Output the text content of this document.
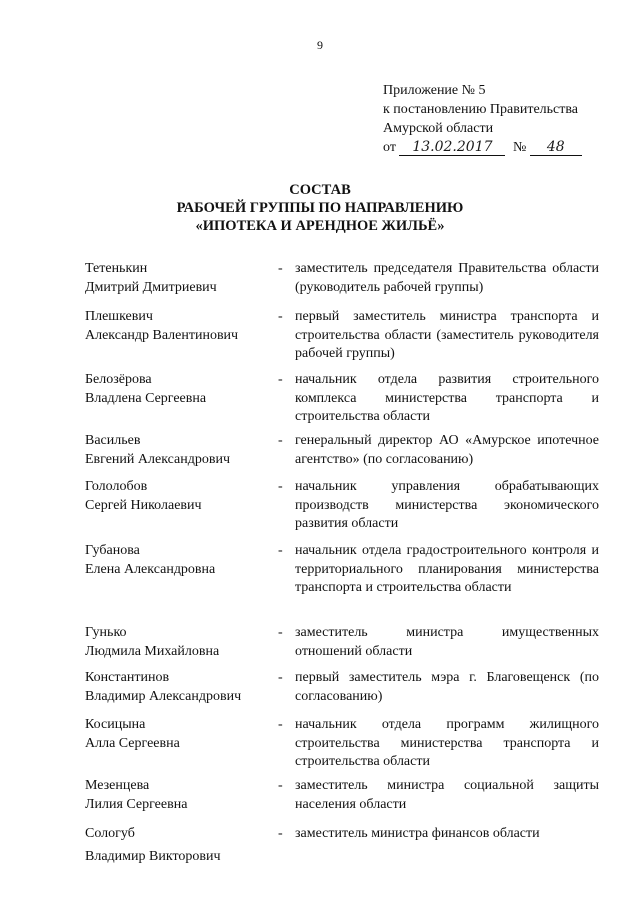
9
Приложение № 5
к постановлению Правительства
Амурской области
от 13.02.2017 № 48
СОСТАВ
РАБОЧЕЙ ГРУППЫ ПО НАПРАВЛЕНИЮ
«ИПОТЕКА И АРЕНДНОЕ ЖИЛЬЁ»
Тетенькин
Дмитрий Дмитриевич
- заместитель председателя Правительства области (руководитель рабочей группы)
Плешкевич
Александр Валентинович
- первый заместитель министра транспорта и строительства области (заместитель руководителя рабочей группы)
Белозёрова
Владлена Сергеевна
- начальник отдела развития строительного комплекса министерства транспорта и строительства области
Васильев
Евгений Александрович
- генеральный директор АО «Амурское ипотечное агентство» (по согласованию)
Гололобов
Сергей Николаевич
- начальник управления обрабатывающих производств министерства экономического развития области
Губанова
Елена Александровна
- начальник отдела градостроительного контроля и территориального планирования министерства транспорта и строительства области
Гунько
Людмила Михайловна
- заместитель министра имущественных отношений области
Константинов
Владимир Александрович
- первый заместитель мэра г. Благовещенск (по согласованию)
Косицына
Алла Сергеевна
- начальник отдела программ жилищного строительства министерства транспорта и строительства области
Мезенцева
Лилия Сергеевна
- заместитель министра социальной защиты населения области
Сологуб
Владимир Викторович
- заместитель министра финансов области
